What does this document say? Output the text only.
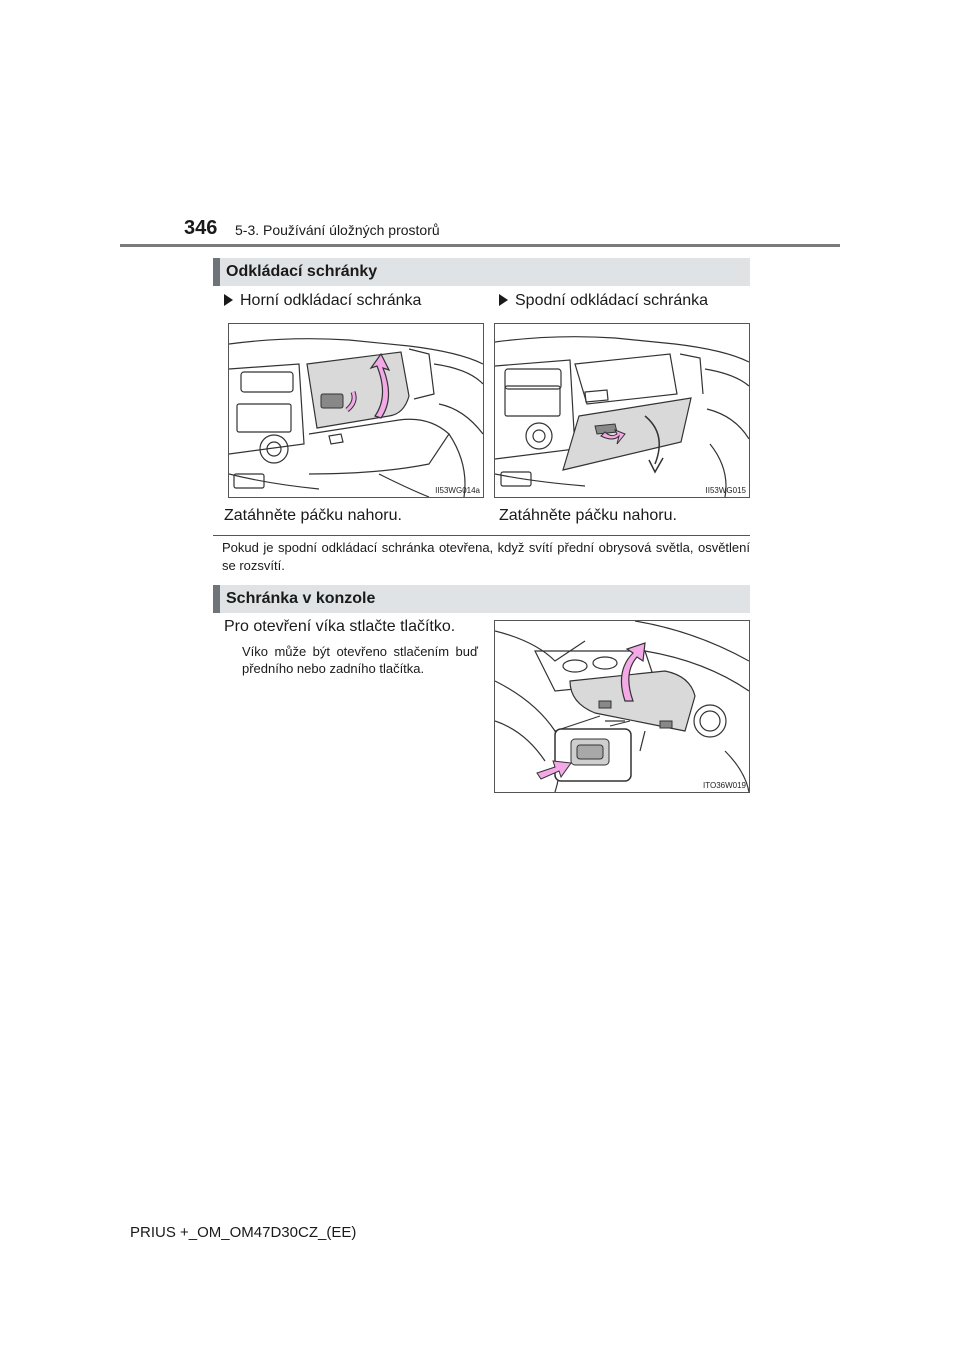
346 5-3. Používání úložných prostorů
Odkládací schránky
Horní odkládací schránka	Spodní odkládací schránka
II53WG014a	II53WG015
Zatáhněte páčku nahoru.	Zatáhněte páčku nahoru.
Pokud je spodní odkládací schránka otevřena, když svítí přední obrysová světla, osvětlení se rozsvítí.
Schránka v konzole
Pro otevření víka stlačte tlačítko.
Víko může být otevřeno stlačením buď předního nebo zadního tlačítka.
ITO36W019
PRIUS +_OM_OM47D30CZ_(EE)
